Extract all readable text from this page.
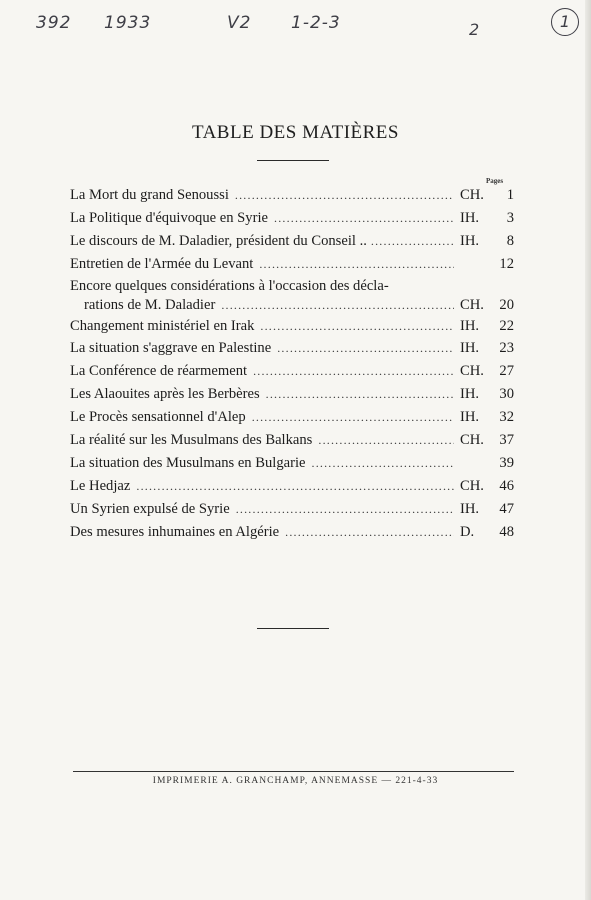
392 1933	V2 1-2-3	2	1
TABLE DES MATIÈRES
Pages
La Mort du grand Senoussi .....	CH.	1
La Politique d'équivoque en Syrie .....	IH.	3
Le discours de M. Daladier, président du Conseil .. .....	IH.	8
Entretien de l'Armée du Levant .....	12
Encore quelques considérations à l'occasion des décla-
rations de M. Daladier .....	CH.	20
Changement ministériel en Irak .....	IH.	22
La situation s'aggrave en Palestine .....	IH.	23
La Conférence de réarmement .....	CH.	27
Les Alaouites après les Berbères .....	IH.	30
Le Procès sensationnel d'Alep .....	IH.	32
La réalité sur les Musulmans des Balkans .....	CH.	37
La situation des Musulmans en Bulgarie .....	39
Le Hedjaz .....	CH.	46
Un Syrien expulsé de Syrie .....	IH.	47
Des mesures inhumaines en Algérie .....	D.	48
IMPRIMERIE A. GRANCHAMP, ANNEMASSE — 221-4-33
